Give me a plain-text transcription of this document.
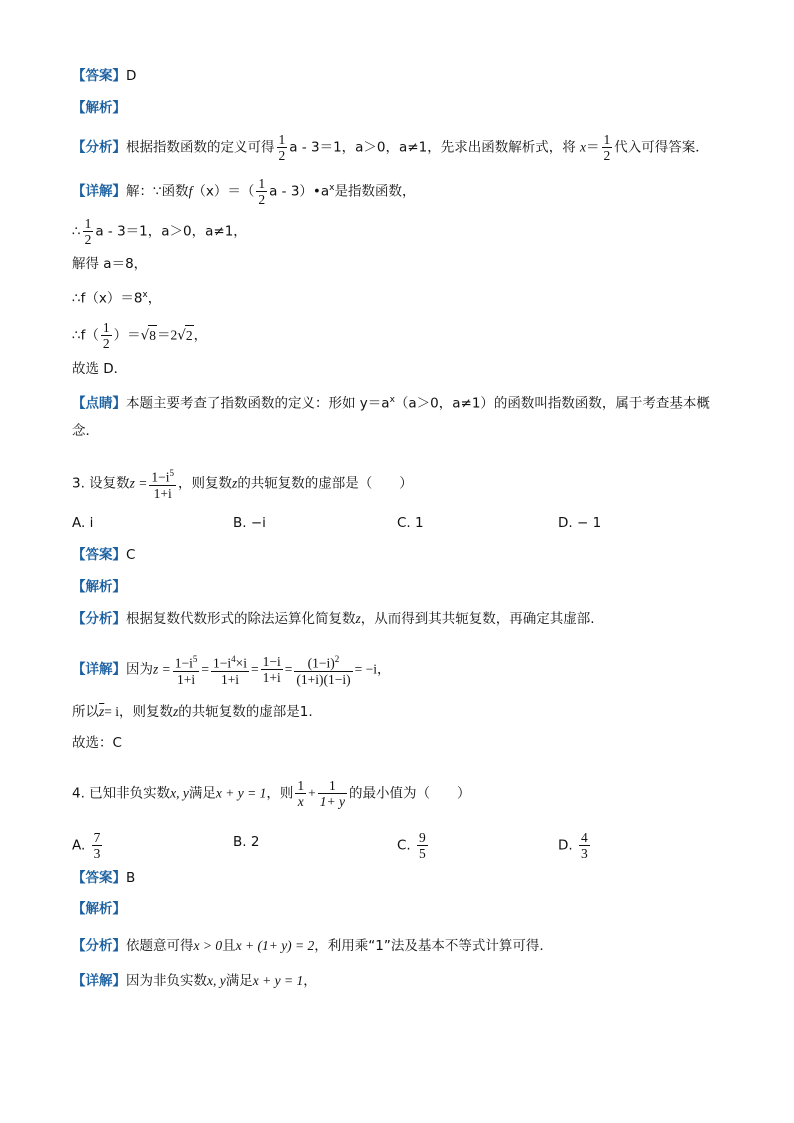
【答案】D
【解析】
【分析】根据指数函数的定义可得 $\frac{1}{2}$ a - 3＝1，a＞0，a≠1，先求出函数解析式，将 $x= \frac{1}{2}$ 代入可得答案．
【详解】解：∵函数$f(x)=( \frac{1}{2}$ a - $3)•a^x$是指数函数，
∴ $\frac{1}{2}$ a - 3＝1，a＞0，a≠1，
解得 a＝8，
$\therefore f(x)=8^x$，
∴f（ $\frac{1}{2} )=√8=2√2$，
故选 D．
【点睛】本题主要考查了指数函数的定义：形如 $y=a^x(a>0$，a≠1）的函数叫指数函数，属于考查基本概
念．
3. 设复数$z = \frac{1-i^5}{1+i}$ ，则复数z的共轭复数的虚部是（　　）
A. i	B. −i	C. 1	D. − 1
【答案】C
【解析】
【分析】根据复数代数形式的除法运算化简复数z，从而得到其共轭复数，再确定其虚部.
【详解】因为$z = \frac{1-i^5}{1+i} = \frac{1-i^4\times i}{1+i} = \frac{1-i}{1+i} = \frac{(1-i)^2}{(1+i)(1-i)} = -i$，
所以$\overline{z}= i$，则复数z的共轭复数的虚部是1.
故选：C
4. 已知非负实数x, y满足x + y = 1，则 $\frac{1}{x} + \frac{1}{1+ y}$ 的最小值为（　　）
A. $\frac{7}{3}$	B. 2	C. $\frac{9}{5}$	D. $\frac{4}{3}$
【答案】B
【解析】
【分析】依题意可得x > 0且x + (1+ y) = 2，利用乘“1”法及基本不等式计算可得.
【详解】因为非负实数x, y满足x + y = 1，
